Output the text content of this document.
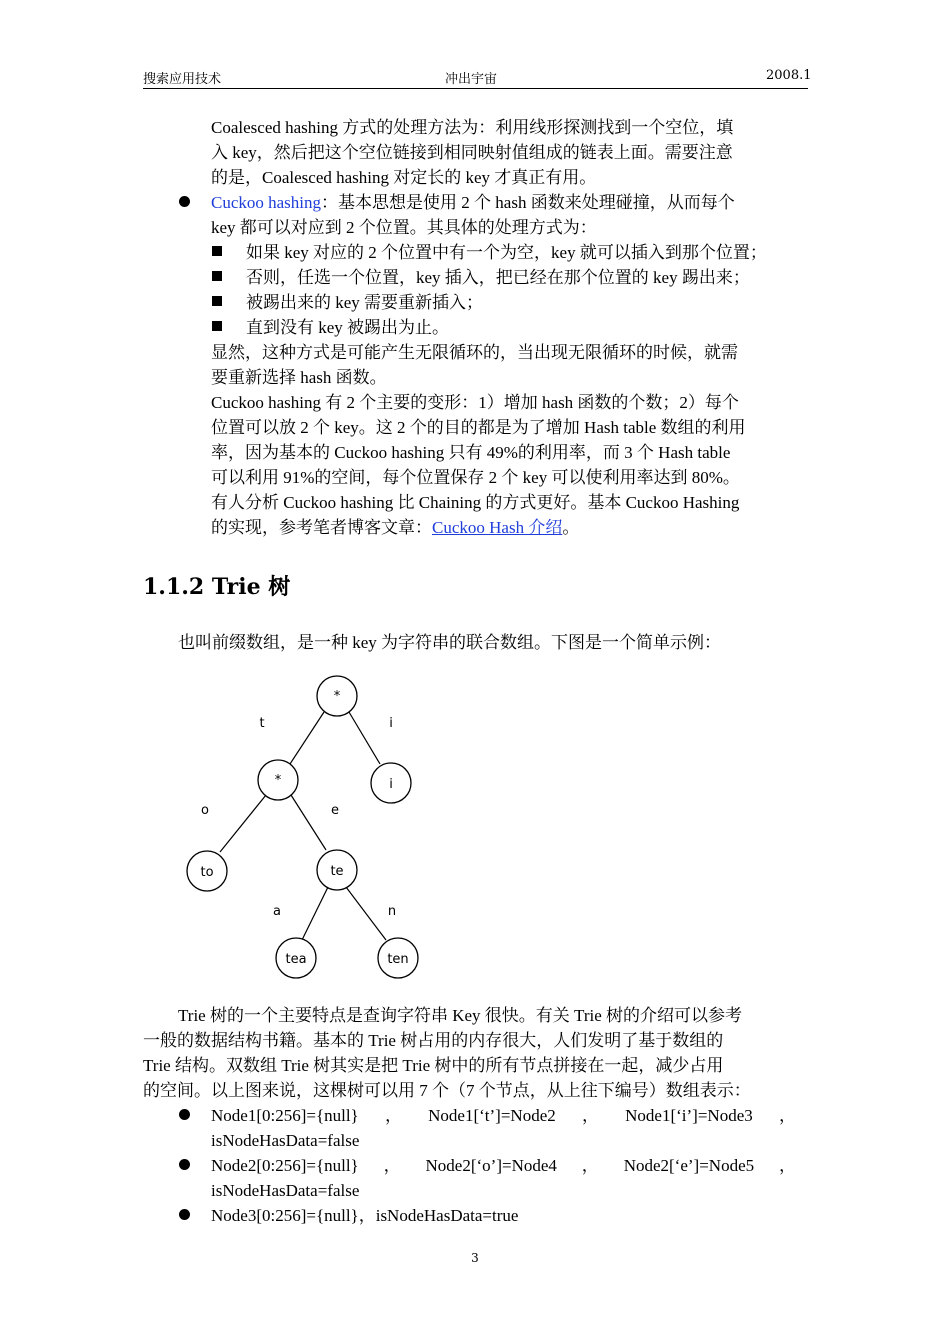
搜索应用技术	冲出宇宙	2008.1
Coalesced hashing 方式的处理方法为：利用线形探测找到一个空位，填
入 key，然后把这个空位链接到相同映射值组成的链表上面。需要注意
的是，Coalesced hashing 对定长的 key 才真正有用。
Cuckoo hashing：基本思想是使用 2 个 hash 函数来处理碰撞，从而每个
key 都可以对应到 2 个位置。其具体的处理方式为：
如果 key 对应的 2 个位置中有一个为空，key 就可以插入到那个位置；
否则，任选一个位置，key 插入，把已经在那个位置的 key 踢出来；
被踢出来的 key 需要重新插入；
直到没有 key 被踢出为止。
显然，这种方式是可能产生无限循环的，当出现无限循环的时候，就需
要重新选择 hash 函数。
Cuckoo hashing 有 2 个主要的变形：1）增加 hash 函数的个数；2）每个
位置可以放 2 个 key。这 2 个的目的都是为了增加 Hash table 数组的利用
率，因为基本的 Cuckoo hashing 只有 49%的利用率，而 3 个 Hash table
可以利用 91%的空间，每个位置保存 2 个 key 可以使利用率达到 80%。
有人分析 Cuckoo hashing 比 Chaining 的方式更好。基本 Cuckoo Hashing
的实现，参考笔者博客文章：Cuckoo Hash 介绍。
1.1.2 Trie 树
也叫前缀数组，是一种 key 为字符串的联合数组。下图是一个简单示例：
*
*	i
to	te
tea	ten
t	i
o	e
a	n
Trie 树的一个主要特点是查询字符串 Key 很快。有关 Trie 树的介绍可以参考
一般的数据结构书籍。基本的 Trie 树占用的内存很大，人们发明了基于数组的
Trie 结构。双数组 Trie 树其实是把 Trie 树中的所有节点拼接在一起，减少占用
的空间。以上图来说，这棵树可以用 7 个（7 个节点，从上往下编号）数组表示：
Node1[0:256]={null} ， Node1[‘t’]=Node2 ， Node1[‘i’]=Node3 ，
isNodeHasData=false
Node2[0:256]={null} ， Node2[‘o’]=Node4 ， Node2[‘e’]=Node5 ，
isNodeHasData=false
Node3[0:256]={null}，isNodeHasData=true
3
